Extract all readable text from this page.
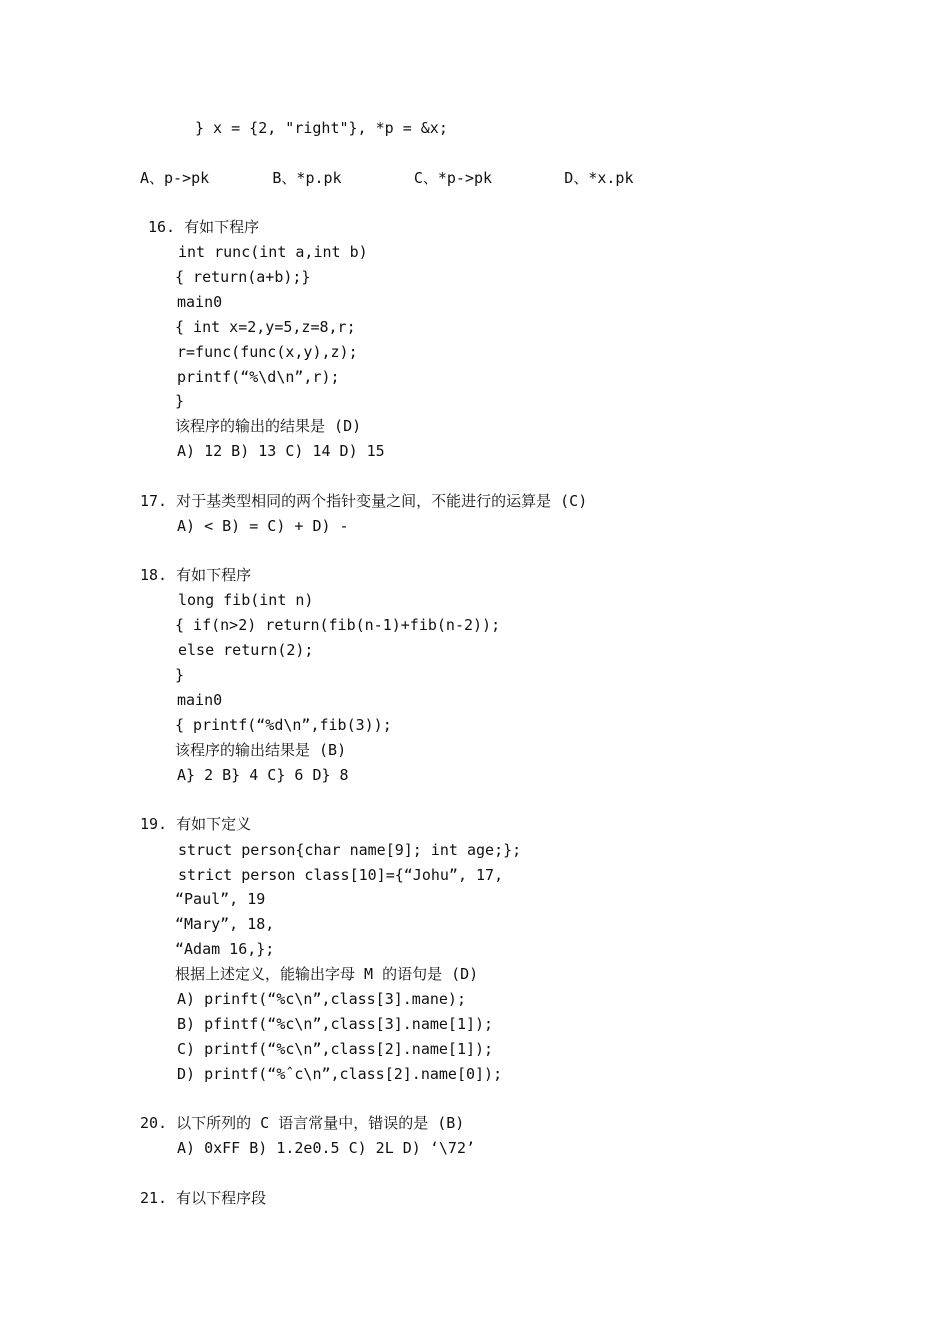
} x = {2, "right"}, *p = &x;
A、p->pk       B、*p.pk        C、*p->pk        D、*x.pk
16. 有如下程序
int runc(int a,int b)
{ return(a+b);}
main0
{ int x=2,y=5,z=8,r;
r=func(func(x,y),z);
printf(“%\d\n”,r);
}
该程序的输出的结果是 (D)
A) 12 B) 13 C) 14 D) 15
17. 对于基类型相同的两个指针变量之间，不能进行的运算是 (C)
A) < B) = C) + D) -
18. 有如下程序
long fib(int n)
{ if(n>2) return(fib(n-1)+fib(n-2));
else return(2);
}
main0
{ printf(“%d\n”,fib(3));
该程序的输出结果是 (B)
A} 2 B} 4 C} 6 D} 8
19. 有如下定义
struct person{char name[9]; int age;};
strict person class[10]={“Johu”, 17,
“Paul”, 19
“Mary”, 18,
“Adam 16,};
根据上述定义，能输出字母 M 的语句是 (D)
A) prinft(“%c\n”,class[3].mane);
B) pfintf(“%c\n”,class[3].name[1]);
C) printf(“%c\n”,class[2].name[1]);
D) printf(“%ˆc\n”,class[2].name[0]);
20. 以下所列的 C 语言常量中，错误的是 (B)
A) 0xFF B) 1.2e0.5 C) 2L D) ‘\72’
21. 有以下程序段
